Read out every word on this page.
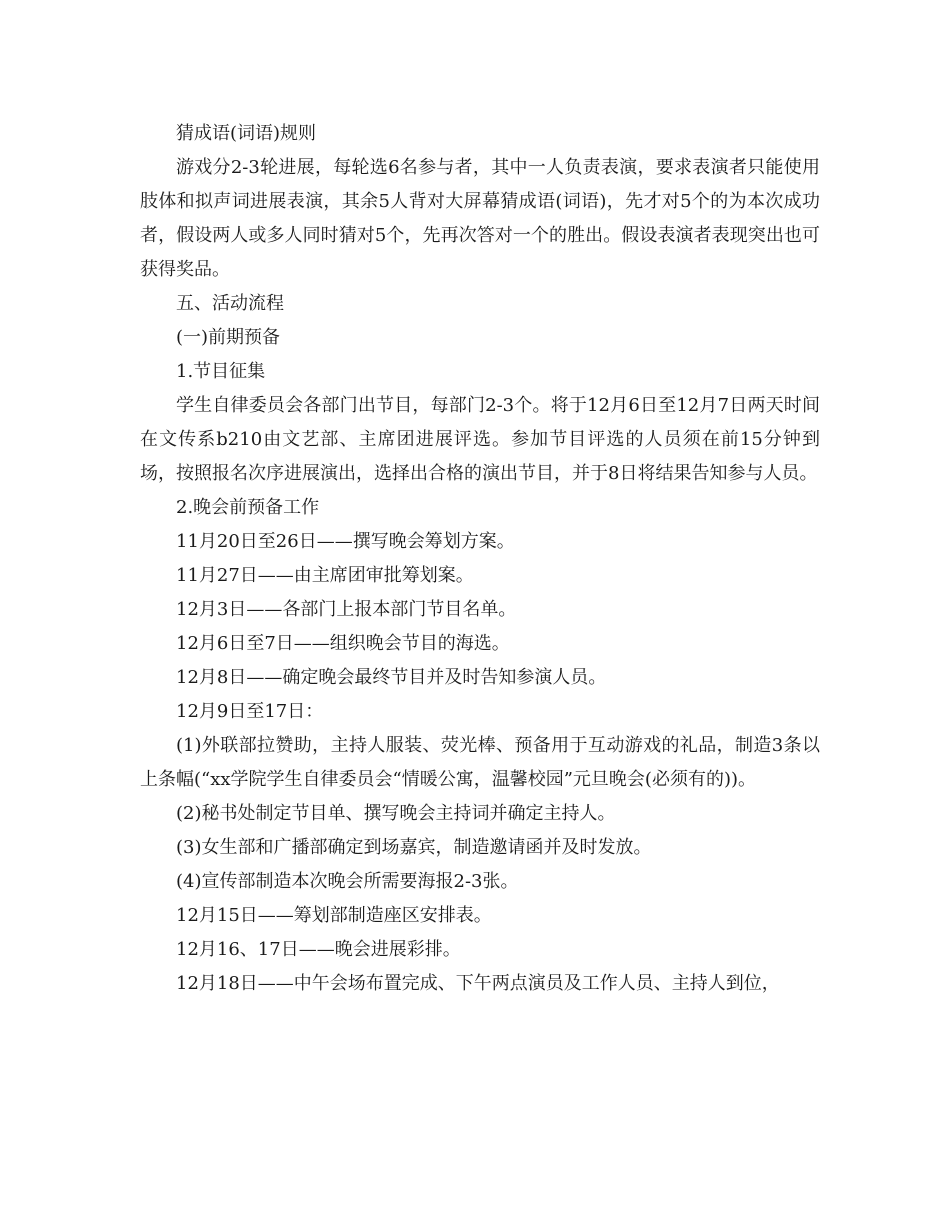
猜成语(词语)规则

游戏分2-3轮进展，每轮选6名参与者，其中一人负责表演，要求表演者只能使用肢体和拟声词进展表演，其余5人背对大屏幕猜成语(词语)，先才对5个的为本次成功者，假设两人或多人同时猜对5个，先再次答对一个的胜出。假设表演者表现突出也可获得奖品。

五、活动流程

(一)前期预备

1.节目征集

学生自律委员会各部门出节目，每部门2-3个。将于12月6日至12月7日两天时间在文传系b210由文艺部、主席团进展评选。参加节目评选的人员须在前15分钟到场，按照报名次序进展演出，选择出合格的演出节目，并于8日将结果告知参与人员。

2.晚会前预备工作

11月20日至26日——撰写晚会筹划方案。

11月27日——由主席团审批筹划案。

12月3日——各部门上报本部门节目名单。

12月6日至7日——组织晚会节目的海选。

12月8日——确定晚会最终节目并及时告知参演人员。

12月9日至17日：

(1)外联部拉赞助，主持人服装、荧光棒、预备用于互动游戏的礼品，制造3条以上条幅(“xx学院学生自律委员会“情暖公寓，温馨校园”元旦晚会(必须有的))。

(2)秘书处制定节目单、撰写晚会主持词并确定主持人。

(3)女生部和广播部确定到场嘉宾，制造邀请函并及时发放。

(4)宣传部制造本次晚会所需要海报2-3张。

12月15日——筹划部制造座区安排表。

12月16、17日——晚会进展彩排。

12月18日——中午会场布置完成、下午两点演员及工作人员、主持人到位，
